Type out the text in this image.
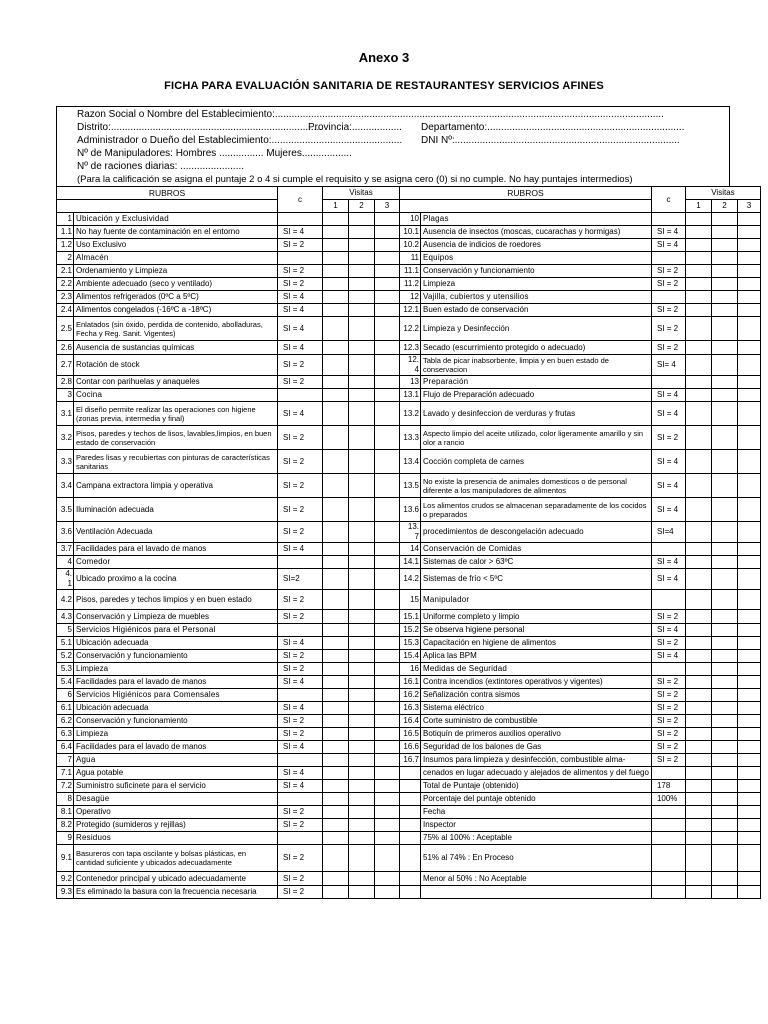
Anexo 3
FICHA PARA EVALUACIÓN SANITARIA DE RESTAURANTESY SERVICIOS AFINES
Razon Social o Nombre del Establecimiento:............................................................................................................................................
Distrito:............................................................................
Provincia:.................. Departamento:.......................................................................
Administrador o Dueño del Establecimiento:............................................... DNI Nº:.................................................................................
Nº de Manipuladores: Hombres ................ Mujeres..................
Nº de raciones diarias: .......................
(Para la calificación se asigna el puntaje 2 o 4 si cumple el requisito y se asigna cero (0) si no cumple. No hay puntajes intermedios)
RUBROS		c	Visitas			RUBROS		c	Visitas		
			1	2	3				1	2	3
1	Ubicación y Exclusividad					10	Plagas				
1.1	No hay fuente de contaminación en el entorno	SI = 4				10.1	Ausencia de insectos (moscas, cucarachas y hormigas)	SI = 4			
1.2	Uso Exclusivo	SI = 2				10.2	Ausencia de indicios de roedores	SI = 4			
2	Almacén					11	Equipos				
2.1	Ordenamiento y Limpieza	SI = 2				11.1	Conservación y funcionamiento	SI = 2			
2.2	Ambiente adecuado (seco y ventilado)	SI = 2				11.2	Limpieza	SI = 2			
2.3	Alimentos refrigerados (0ºC a 5ºC)	SI = 4				12	Vajilla, cubiertos y utensilios				
2.4	Alimentos congelados (-16ºC a -18ºC)	SI = 4				12.1	Buen estado de conservación	SI = 2			
2.5	Enlatados (sin óxido, perdida de contenido, abolladuras, Fecha y Reg. Sanit. Vigentes)	SI = 4				12.2	Limpieza y Desinfección	SI = 2			
2.6	Ausencia de sustancias químicas	SI = 4				12.3	Secado (escurrimiento protegido o adecuado)	SI = 2			
2.7	Rotación de stock	SI = 2				12. 4	Tabla de picar inabsorbente, limpia y en buen estado de conservacion	SI= 4			
2.8	Contar con parihuelas y anaqueles	SI = 2				13	Preparación				
3	Cocina					13.1	Flujo de Preparación adecuado	SI = 4			
3.1	El diseño permite realizar las operaciones con higiene (zonas previa, intermedia y final)	SI = 4				13.2	Lavado y desinfeccion de verduras y frutas	SI = 4			
3.2	Pisos, paredes y techos de lisos, lavables,limpios, en buen estado de conservación	SI = 2				13.3	Aspecto limpio del aceite utilizado, color ligeramente amarillo y sin olor a rancio	SI = 2			
3.3	Paredes lisas y recubiertas con pinturas de características sanitarias	SI = 2				13.4	Cocción completa de carnes	SI = 4			
3.4	Campana extractora limpia y operativa	SI = 2				13.5	No existe la presencia de animales domesticos o de personal diferente a los manipuladores de alimentos	SI = 4			
3.5	Iluminación adecuada	SI = 2				13.6	Los alimentos crudos se almacenan separadamente de los cocidos o preparados	SI = 4			
3.6	Ventilación Adecuada	SI = 2				13. 7	procedimientos de descongelación adecuado	SI=4			
3.7	Facilidades para el lavado de manos	SI = 4				14	Conservación de Comidas				
4	Comedor					14.1	Sistemas de calor > 63ºC	SI = 4			
4. 1	Ubicado proximo a la cocina	SI=2				14.2	Sistemas de frío < 5ºC	SI = 4			
4.2	Pisos, paredes y techos limpios y en buen estado	SI = 2				15	Manipulador				
4.3	Conservación y Limpieza de muebles	SI = 2				15.1	Uniforme completo y limpio	SI = 2			
5	Servicios Higiénicos para el Personal					15.2	Se observa higiene personal	SI = 4			
5.1	Ubicación adecuada	SI = 4				15.3	Capacitación en higiene de alimentos	SI = 2			
5.2	Conservación y funcionamiento	SI = 2				15.4	Aplica las BPM	SI = 4			
5.3	Limpieza	SI = 2				16	Medidas de Seguridad				
5.4	Facilidades para el lavado de manos	SI = 4				16.1	Contra incendios (extintores operativos y vigentes)	SI = 2			
6	Servicios Higiénicos para Comensales					16.2	Señalización contra sismos	SI = 2			
6.1	Ubicación adecuada	SI = 4				16.3	Sistema eléctrico	SI = 2			
6.2	Conservación y funcionamiento	SI = 2				16.4	Corte suministro de combustible	SI = 2			
6.3	Limpieza	SI = 2				16.5	Botiquín de primeros auxilios operativo	SI = 2			
6.4	Facilidades para el lavado de manos	SI = 4				16.6	Seguridad de los balones de Gas	SI = 2			
7	Agua					16.7	Insumos para limpieza y desinfección, combustible alma-	SI = 2			
7.1	Agua potable	SI = 4					cenados en lugar adecuado y alejados de alimentos y del fuego				
7.2	Suministro suficinete para el servicio	SI = 4					Total de Puntaje (obtenido)	178			
8	Desagüe						Porcentaje del puntaje obtenido	100%			
8.1	Operativo	SI = 2					Fecha				
8.2	Protegido (sumideros y rejillas)	SI = 2					Inspector				
9	Residuos						75% al 100% : Aceptable				
9.1	Basureros con tapa oscilante y bolsas plásticas, en cantidad suficiente y ubicados adecuadamente	SI = 2					51% al 74% : En Proceso				
9.2	Contenedor principal y ubicado adecuadamente	SI = 2					Menor al 50% : No Aceptable				
9.3	Es eliminado la basura con la frecuencia necesaria	SI = 2									
